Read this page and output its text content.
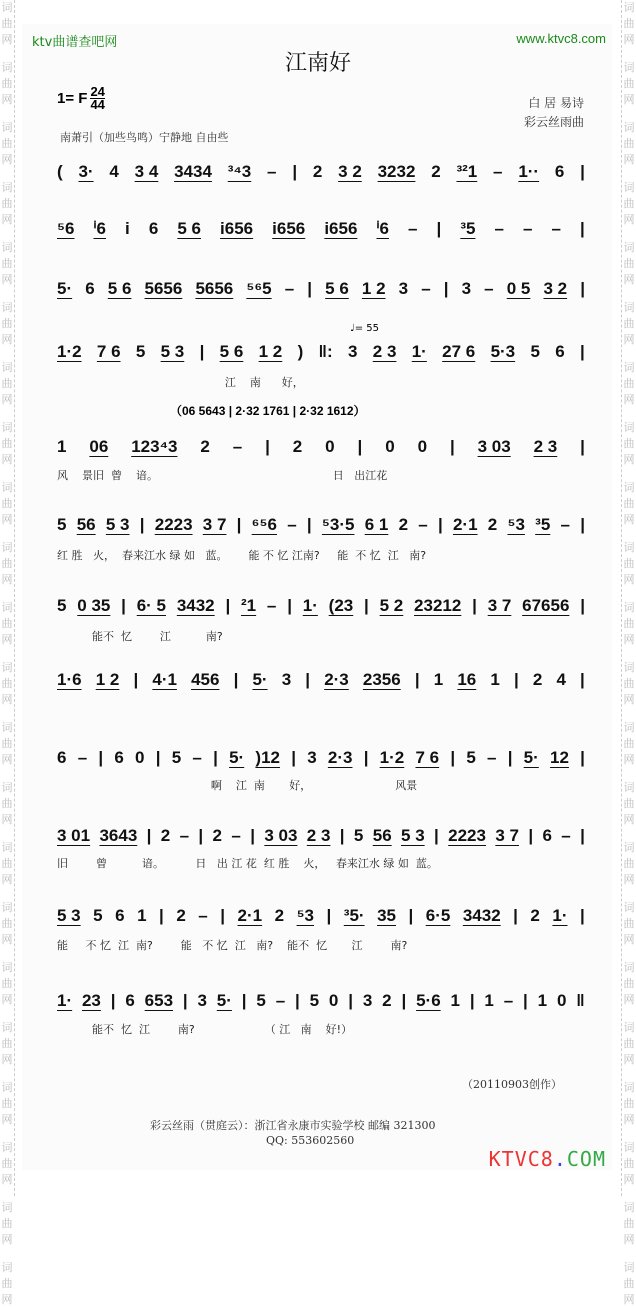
词曲网
词曲网
词曲网
词曲网
词曲网
词曲网
词曲网
词曲网
词曲网
词曲网
词曲网
词曲网
词曲网
词曲网
词曲网
词曲网
词曲网
词曲网
词曲网
词曲网
词曲网
词曲网
词曲网
词曲网
词曲网
词曲网
词曲网
词曲网
词曲网
词曲网
词曲网
词曲网
词曲网
词曲网
词曲网
词曲网
词曲网
词曲网
词曲网
词曲网
词曲网
词曲网
词曲网
词曲网
ktv曲谱查吧网	www.ktvc8.com
江南好
1= F $\frac{24}{44}$	白 居 易诗
彩云丝雨曲
南萧引（加些鸟鸣）宁静地 自由些
♩= 55
（06 5643 | 2·32 1761 | 2·32 1612）
( 3· 4 3 4 3434 ³⁴3 – | 2 3 2 3232 2 ³²1 – 1·· 6 |
⁵6 ⁱ6 i 6 5 6 i656 i656 i656 ⁱ6 – | ³5 – – – |
5· 6 5 6 5656 5656 ⁵⁶5 – | 5 6 1 2 3 – | 3 – 0 5 3 2 |
1·2 7 6 5 5 3 | 5 6 1 2 ) ‖: 3 2 3 1· 27 6 5·3 5 6 |
江    南      好，
1 06 123⁴3 2 – | 2 0 | 0 0 | 3 03 2 3 |
风    景旧  曾    谙。                                                  日   出江花
5 56 5 3 | 2223 3 7 | ⁶⁵6 – | ⁵3·5 6 1 2 – | 2·1 2 ⁵3 ³5 – |
红 胜   火，  春来江水 绿 如   蓝。      能 不 忆 江南?     能  不 忆  江   南?
5 0 35 | 6· 5 3432 | ²1 – | 1· (23 | 5 2 23212 | 3 7 67656 |
能不  忆        江          南?
1·6 1 2 | 4·1 456 | 5· 3 | 2·3 2356 | 1 16 1 | 2 4 |
6 – | 6 0 | 5 – | 5· )12 | 3 2·3 | 1·2 7 6 | 5 – | 5· 12 |
啊    江  南       好，                        风景
3 01 3643 | 2 – | 2 – | 3 03 2 3 | 5 56 5 3 | 2223 3 7 | 6 – |
旧        曾          谙。         日   出 江 花  红 胜    火，   春来江水 绿 如  蓝。
5 3 5 6 1 | 2 – | 2·1 2 ⁵3 | ³5· 35 | 6·5 3432 | 2 1· |
能     不 忆  江  南?        能   不 忆  江   南?    能不  忆       江        南?
1· 23 | 6 653 | 3 5· | 5 – | 5 0 | 3 2 | 5·6 1 | 1 – | 1 0 ‖
能不  忆  江        南?                    （ 江   南    好!）
（20110903创作）
彩云丝雨（贯庭云）：浙江省永康市实验学校 邮编 321300
QQ: 553602560
KTVC8.COM
